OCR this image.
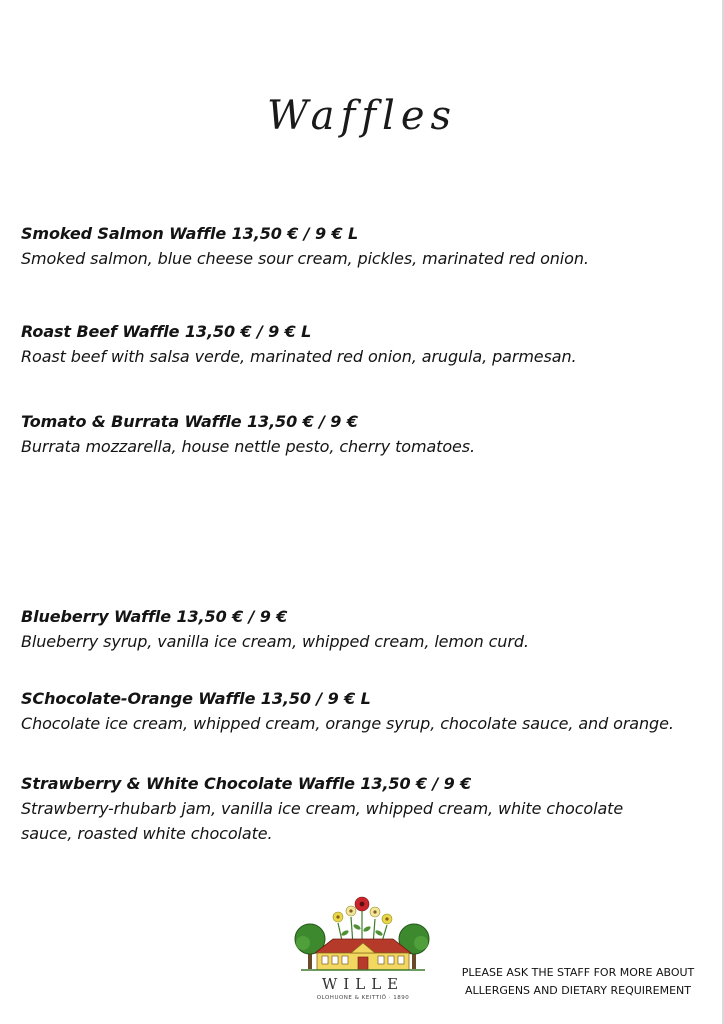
Waffles

Smoked Salmon Waffle 13,50 € / 9 € L

Smoked salmon, blue cheese sour cream, pickles, marinated red onion.

Roast Beef Waffle 13,50 € / 9 € L

Roast beef with salsa verde, marinated red onion, arugula, parmesan.

Tomato & Burrata Waffle 13,50 € / 9 €

Burrata mozzarella, house nettle pesto, cherry tomatoes.

Blueberry Waffle 13,50 € / 9 €

Blueberry syrup, vanilla ice cream, whipped cream, lemon curd.

SChocolate-Orange Waffle 13,50 / 9 € L

Chocolate ice cream, whipped cream, orange syrup, chocolate sauce, and orange.

Strawberry & White Chocolate Waffle 13,50 € / 9 €

Strawberry-rhubarb jam, vanilla ice cream, whipped cream, white chocolate

sauce, roasted white chocolate.

WILLE
OLOHUONE & KEITTIÖ · 1890
PLEASE ASK THE STAFF FOR MORE ABOUT
ALLERGENS AND DIETARY REQUIREMENT
